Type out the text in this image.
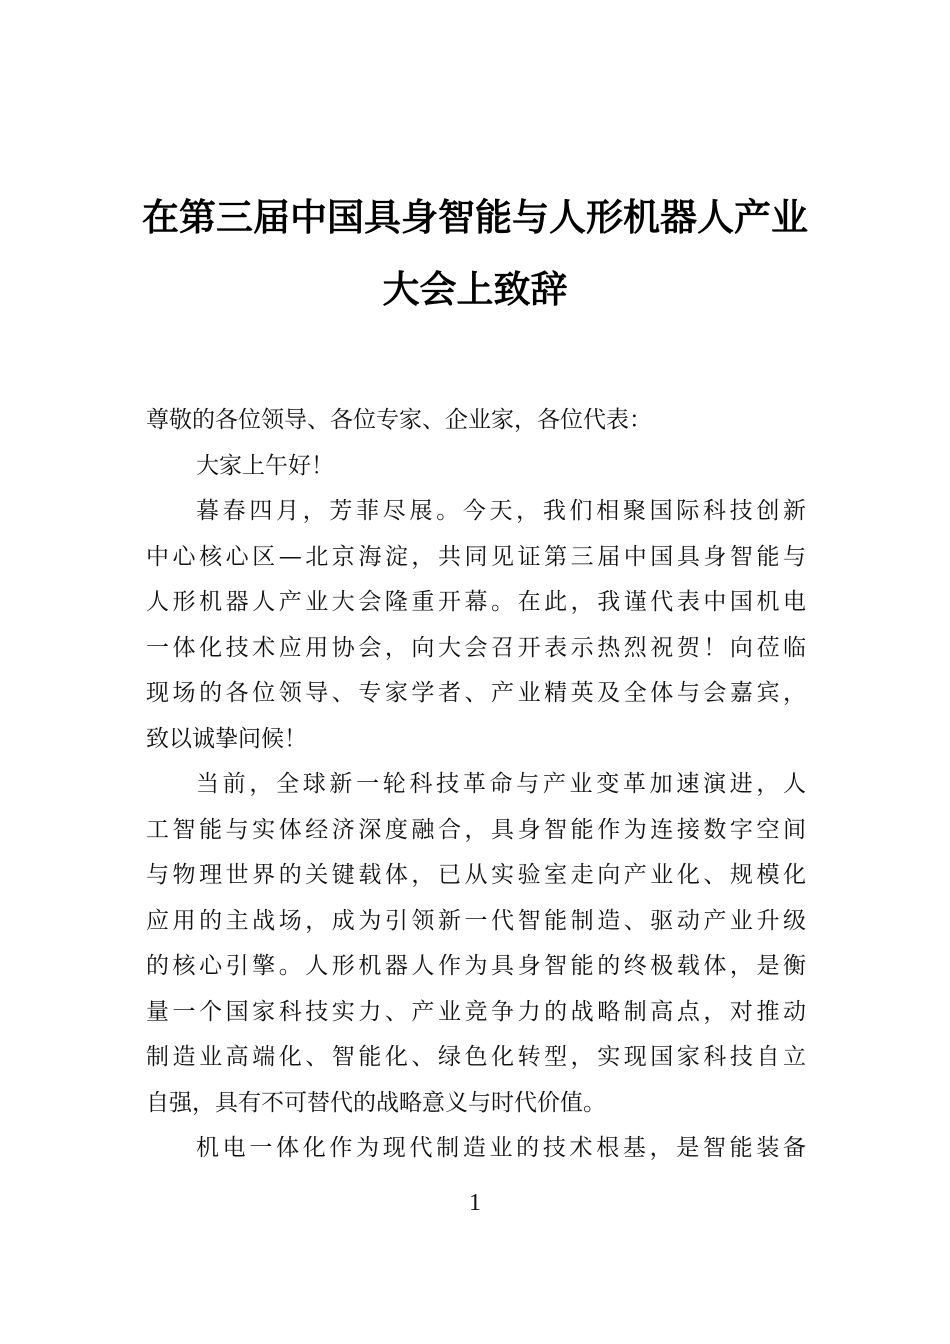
在第三届中国具身智能与人形机器人产业
大会上致辞
尊敬的各位领导、各位专家、企业家，各位代表：
大家上午好！
暮春四月，芳菲尽展。今天，我们相聚国际科技创新
中心核心区—北京海淀，共同见证第三届中国具身智能与
人形机器人产业大会隆重开幕。在此，我谨代表中国机电
一体化技术应用协会，向大会召开表示热烈祝贺！向莅临
现场的各位领导、专家学者、产业精英及全体与会嘉宾，
致以诚挚问候！
当前，全球新一轮科技革命与产业变革加速演进，人
工智能与实体经济深度融合，具身智能作为连接数字空间
与物理世界的关键载体，已从实验室走向产业化、规模化
应用的主战场，成为引领新一代智能制造、驱动产业升级
的核心引擎。人形机器人作为具身智能的终极载体，是衡
量一个国家科技实力、产业竞争力的战略制高点，对推动
制造业高端化、智能化、绿色化转型，实现国家科技自立
自强，具有不可替代的战略意义与时代价值。
机电一体化作为现代制造业的技术根基，是智能装备
1
